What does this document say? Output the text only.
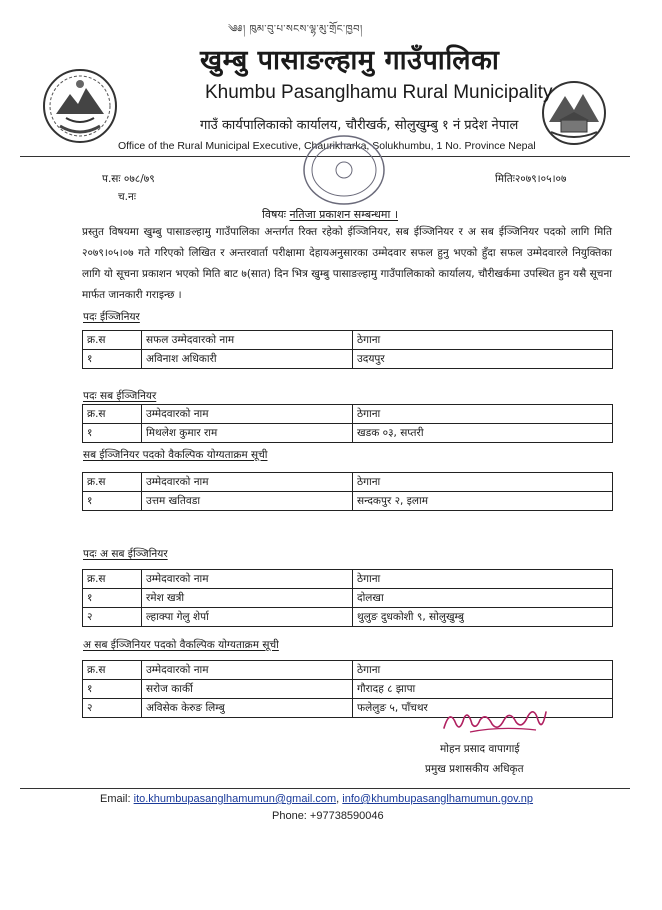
༄༅། ཁུམ་བུ་པ་སངས་ལྷ་མུ་གྲོང་ཁྱབ།
खुम्बु पासाङल्हामु गाउँपालिका
Khumbu Pasanglhamu Rural Municipality
गाउँ कार्यपालिकाको कार्यालय, चौरीखर्क, सोलुखुम्बु १ नं प्रदेश नेपाल
Office of the Rural Municipal Executive, Chaurikharka, Solukhumbu, 1 No. Province Nepal
प.सः ०७८/७९
च.नः
मितिः२०७९।०५।०७
विषयः नतिजा प्रकाशन सम्बन्धमा ।
प्रस्तुत विषयमा खुम्बु पासाङल्हामु गाउँपालिका अन्तर्गत रिक्त रहेको ईञ्जिनियर, सब ईञ्जिनियर र अ सब ईञ्जिनियर पदको लागि मिति २०७९।०५।०७ गते गरिएको लिखित र अन्तरवार्ता परीक्षामा देहायअनुसारका उम्मेदवार सफल हुनु भएको हुँदा सफल उम्मेदवारले नियुक्तिका लागि यो सूचना प्रकाशन भएको मिति बाट ७(सात) दिन भित्र खुम्बु पासाङल्हामु गाउँपालिकाको कार्यालय, चौरीखर्कमा उपस्थित हुन यसै सूचना मार्फत जानकारी गराइन्छ ।
पदः ईञ्जिनियर
क्र.स	सफल उम्मेदवारको नाम	ठेगाना
१	अविनाश अधिकारी	उदयपुर
पदः सब ईञ्जिनियर
क्र.स	उम्मेदवारको नाम	ठेगाना
१	मिथलेश कुमार राम	खडक ०३, सप्तरी
सब ईञ्जिनियर पदको वैकल्पिक योग्यताक्रम सूची
क्र.स	उम्मेदवारको नाम	ठेगाना
१	उत्तम खतिवडा	सन्दकपुर २, इलाम
पदः अ सब ईञ्जिनियर
क्र.स	उम्मेदवारको नाम	ठेगाना
१	रमेश खत्री	दोलखा
२	ल्हाक्पा गेलु शेर्पा	थुलुङ दुधकोशी ९, सोलुखुम्बु
अ सब ईञ्जिनियर पदको वैकल्पिक योग्यताक्रम सूची
क्र.स	उम्मेदवारको नाम	ठेगाना
१	सरोज कार्की	गौरादह ८ झापा
२	अविसेक केरुङ लिम्बु	फलेलुङ ५, पाँचथर
मोहन प्रसाद वापागाई
प्रमुख प्रशासकीय अधिकृत
Email: ito.khumbupasanglhamumun@gmail.com, info@khumbupasanglhamumun.gov.np
Phone: +97738590046
